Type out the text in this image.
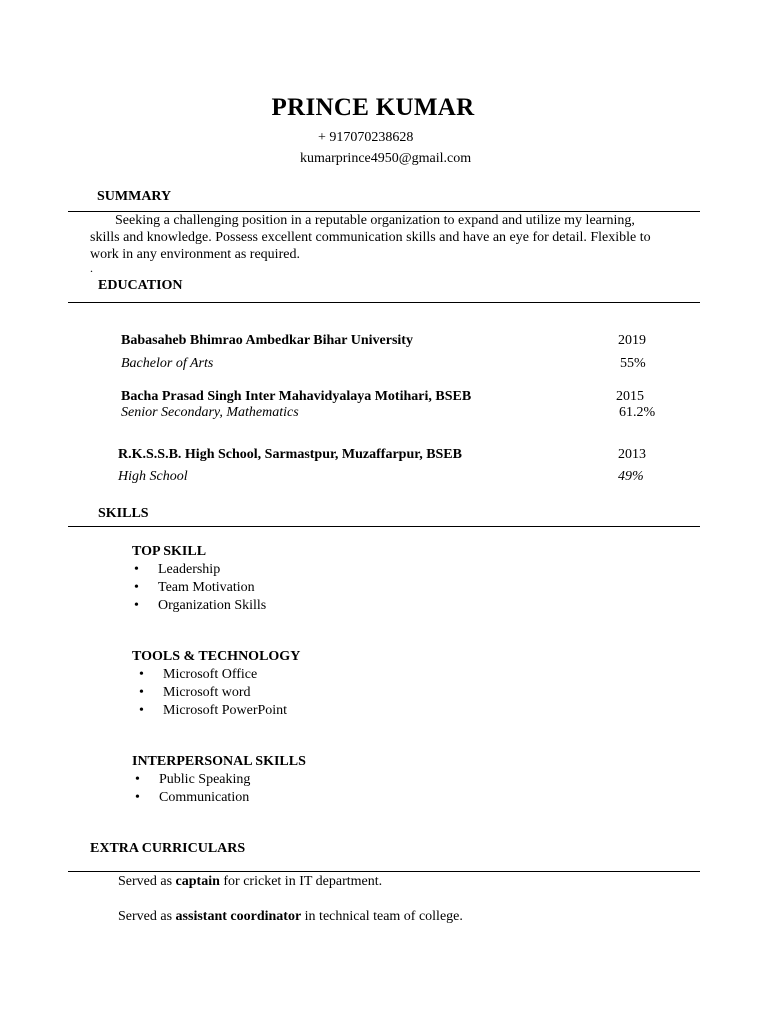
PRINCE KUMAR
+ 917070238628
kumarprince4950@gmail.com
SUMMARY
Seeking a challenging position in a reputable organization to expand and utilize my learning, skills and knowledge. Possess excellent communication skills and have an eye for detail. Flexible to work in any environment as required.
.
EDUCATION
Babasaheb Bhimrao Ambedkar Bihar University	2019
Bachelor of Arts	55%
Bacha Prasad Singh Inter Mahavidyalaya Motihari, BSEB	2015
Senior Secondary, Mathematics	61.2%
R.K.S.S.B. High School, Sarmastpur, Muzaffarpur, BSEB	2013
High School	49%
SKILLS
TOP SKILL
• Leadership
• Team Motivation
• Organization Skills
TOOLS & TECHNOLOGY
• Microsoft Office
• Microsoft word
• Microsoft PowerPoint
INTERPERSONAL SKILLS
• Public Speaking
• Communication
EXTRA CURRICULARS
Served as captain for cricket in IT department.
Served as assistant coordinator in technical team of college.
